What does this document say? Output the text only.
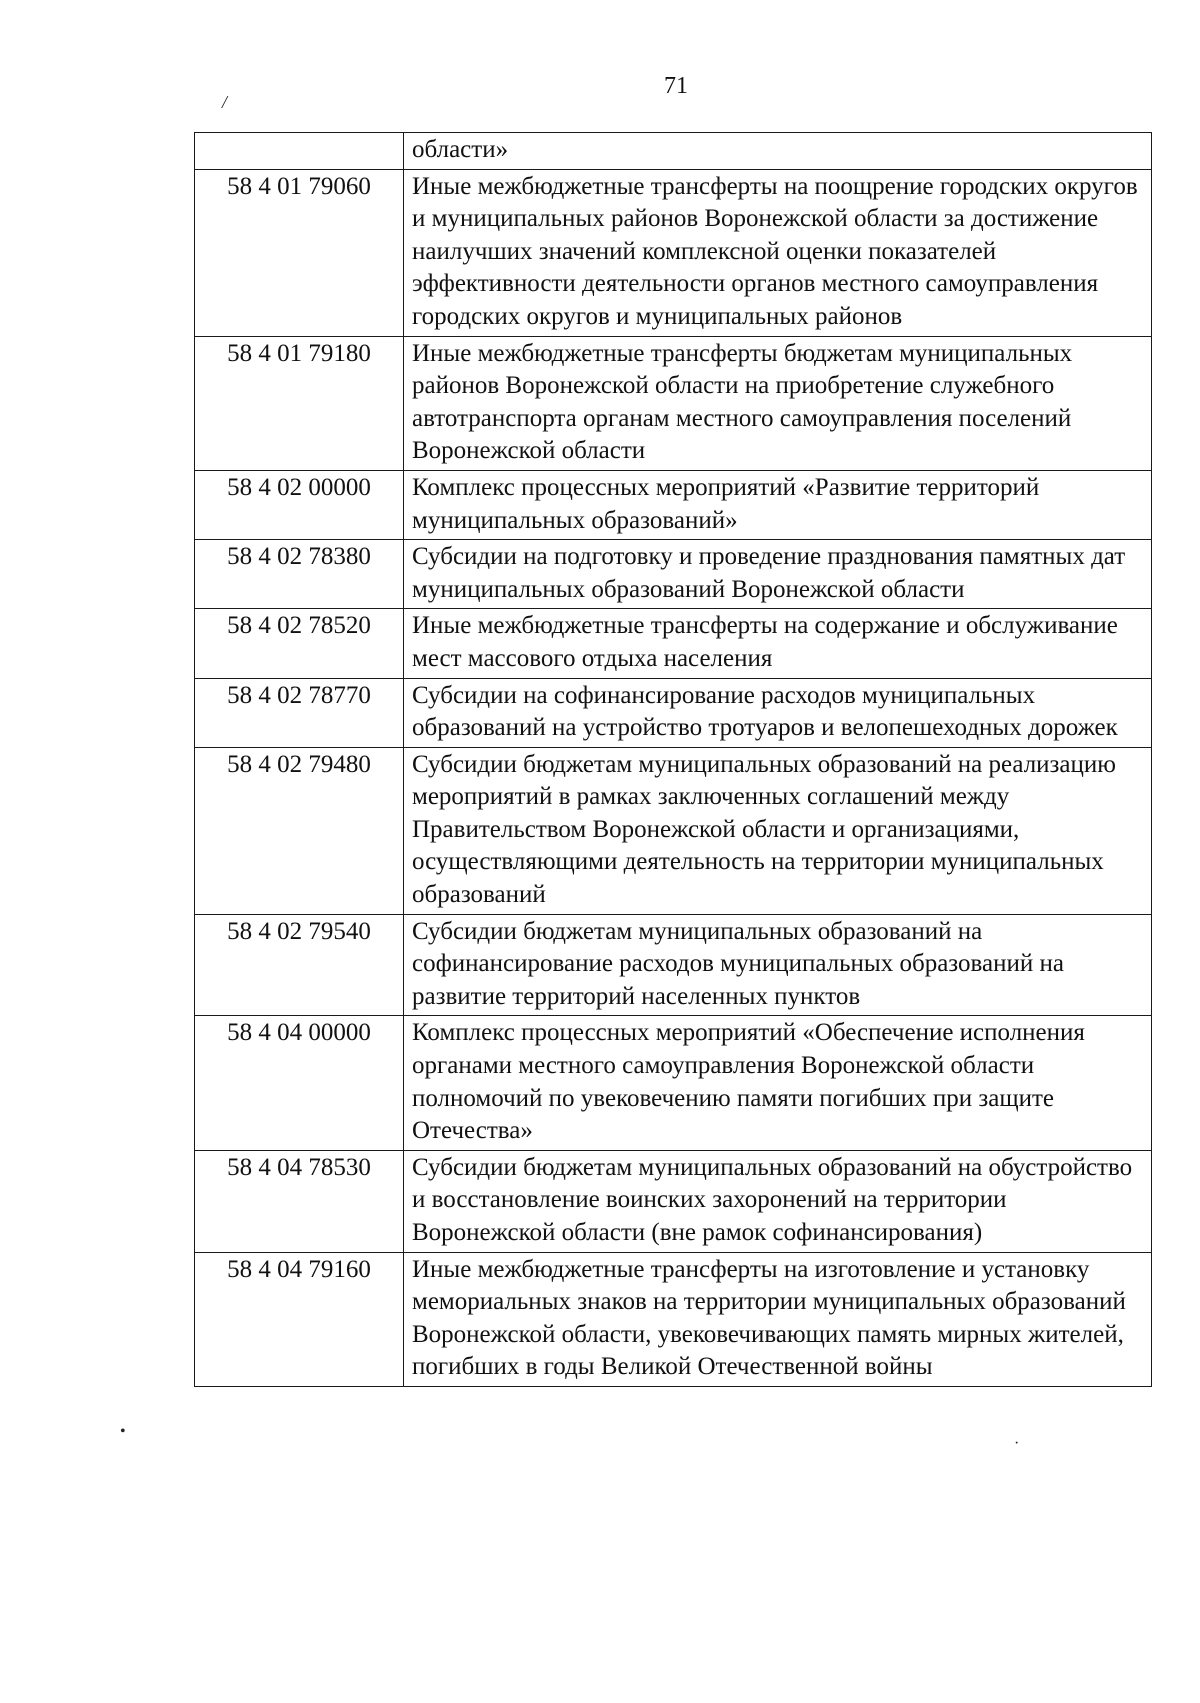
71
/
•
·
	области»
58 4 01 79060	Иные межбюджетные трансферты на поощрение городских округов и муниципальных районов Воронежской области за достижение наилучших значений комплексной оценки показателей эффективности деятельности органов местного самоуправления городских округов и муниципальных районов
58 4 01 79180	Иные межбюджетные трансферты бюджетам муниципальных районов Воронежской области на приобретение служебного автотранспорта органам местного самоуправления поселений Воронежской области
58 4 02 00000	Комплекс процессных мероприятий «Развитие территорий муниципальных образований»
58 4 02 78380	Субсидии на подготовку и проведение празднования памятных дат муниципальных образований Воронежской области
58 4 02 78520	Иные межбюджетные трансферты на содержание и обслуживание мест массового отдыха населения
58 4 02 78770	Субсидии на софинансирование расходов муниципальных образований на устройство тротуаров и велопешеходных дорожек
58 4 02 79480	Субсидии бюджетам муниципальных образований на реализацию мероприятий в рамках заключенных соглашений между Правительством Воронежской области и организациями, осуществляющими деятельность на территории муниципальных образований
58 4 02 79540	Субсидии бюджетам муниципальных образований на софинансирование расходов муниципальных образований на развитие территорий населенных пунктов
58 4 04 00000	Комплекс процессных мероприятий «Обеспечение исполнения органами местного самоуправления Воронежской области полномочий по увековечению памяти погибших при защите Отечества»
58 4 04 78530	Субсидии бюджетам муниципальных образований на обустройство и восстановление воинских захоронений на территории Воронежской области (вне рамок софинансирования)
58 4 04 79160	Иные межбюджетные трансферты на изготовление и установку мемориальных знаков на территории муниципальных образований Воронежской области, увековечивающих память мирных жителей, погибших в годы Великой Отечественной войны
